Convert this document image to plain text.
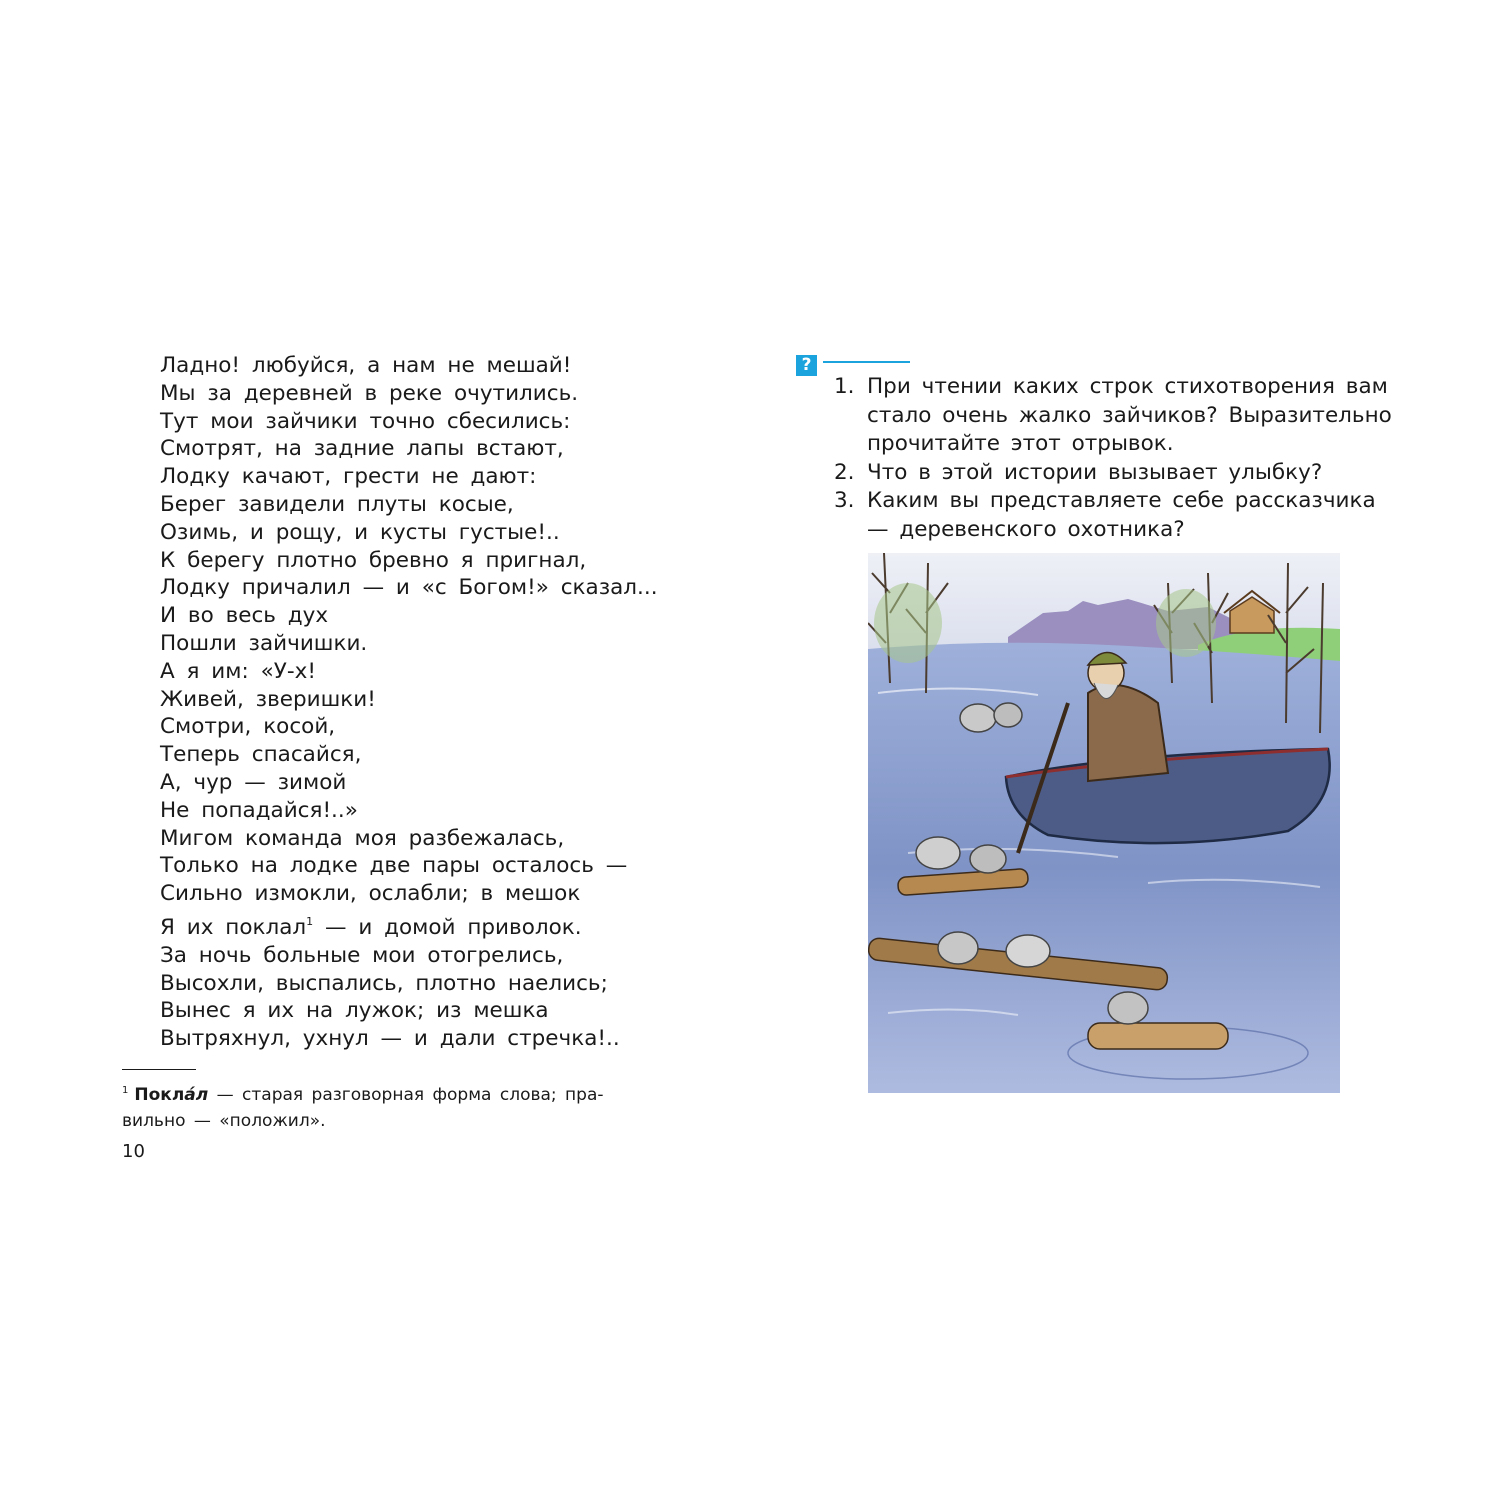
Ладно! любуйся, а нам не мешай!
Мы за деревней в реке очутились.
Тут мои зайчики точно сбесились:
Смотрят, на задние лапы встают,
Лодку качают, грести не дают:
Берег завидели плуты косые,
Озимь, и рощу, и кусты густые!..
К берегу плотно бревно я пригнал,
Лодку причалил — и «с Богом!» сказал...
И во весь дух
Пошли зайчишки.
А я им: «У-х!
Живей, зверишки!
Смотри, косой,
Теперь спасайся,
А, чур — зимой
Не попадайся!..»
Мигом команда моя разбежалась,
Только на лодке две пары осталось —
Сильно измокли, ослабли; в мешок
Я их поклал$^1$ — и домой приволок.
За ночь больные мои отогрелись,
Высохли, выспались, плотно наелись;
Вынес я их на лужок; из мешка
Вытряхнул, ухнул — и дали стречка!..
$^1$ Покла́л — старая разговорная форма слова; пра-
вильно — «положил».
10
?
1. При чтении каких строк стихотворения вам стало очень жалко зайчиков? Выразительно прочитайте этот отрывок.
2. Что в этой истории вызывает улыбку?
3. Каким вы представляете себе рассказчика — деревенского охотника?
